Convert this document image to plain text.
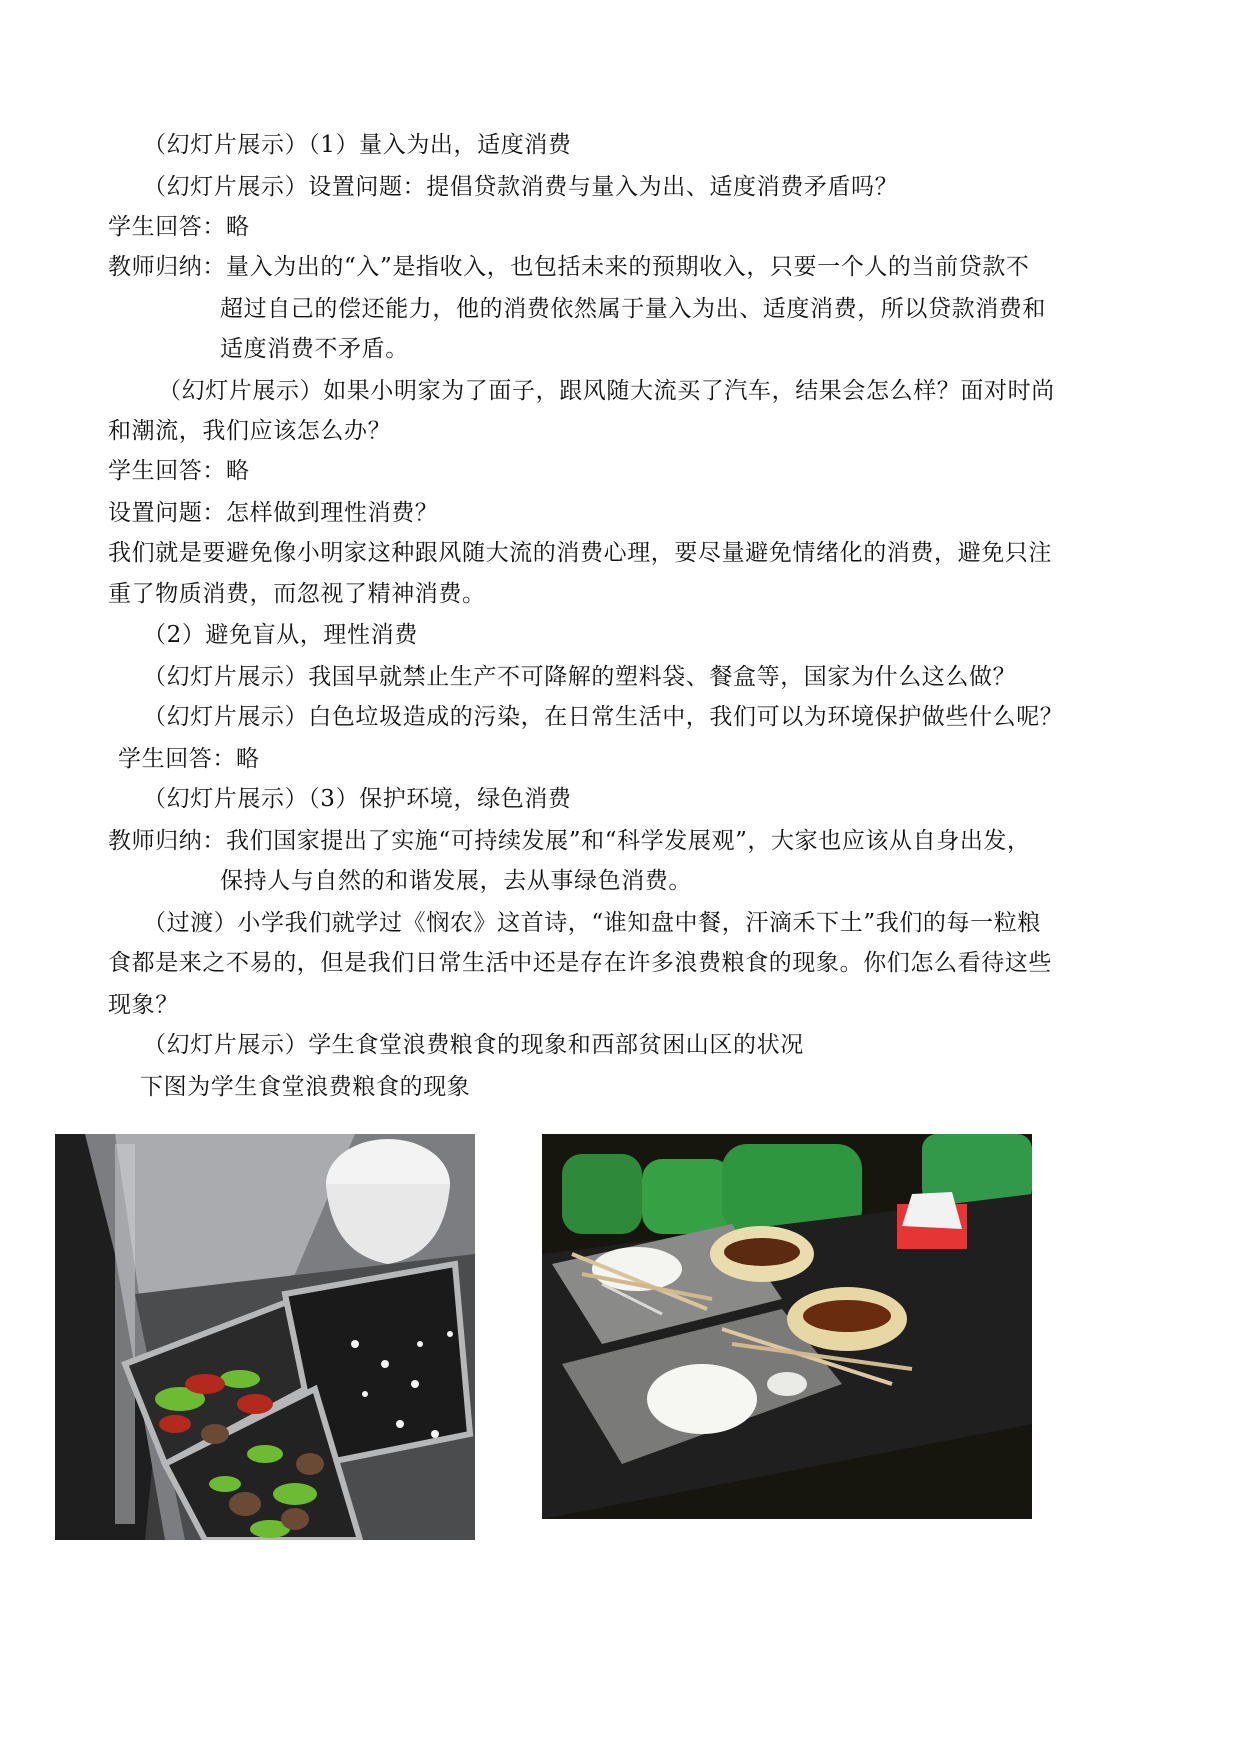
（幻灯片展示）（1）量入为出，适度消费
（幻灯片展示）设置问题：提倡贷款消费与量入为出、适度消费矛盾吗？
学生回答：略
教师归纳：量入为出的“入”是指收入，也包括未来的预期收入，只要一个人的当前贷款不
超过自己的偿还能力，他的消费依然属于量入为出、适度消费，所以贷款消费和
适度消费不矛盾。
（幻灯片展示）如果小明家为了面子，跟风随大流买了汽车，结果会怎么样？面对时尚
和潮流，我们应该怎么办？
学生回答：略
设置问题：怎样做到理性消费？
我们就是要避免像小明家这种跟风随大流的消费心理，要尽量避免情绪化的消费，避免只注
重了物质消费，而忽视了精神消费。
（2）避免盲从，理性消费
（幻灯片展示）我国早就禁止生产不可降解的塑料袋、餐盒等，国家为什么这么做？
（幻灯片展示）白色垃圾造成的污染，在日常生活中，我们可以为环境保护做些什么呢？
学生回答：略
（幻灯片展示）（3）保护环境，绿色消费
教师归纳：我们国家提出了实施“可持续发展”和“科学发展观”，大家也应该从自身出发，
保持人与自然的和谐发展，去从事绿色消费。
（过渡）小学我们就学过《悯农》这首诗，“谁知盘中餐，汗滴禾下土”我们的每一粒粮
食都是来之不易的，但是我们日常生活中还是存在许多浪费粮食的现象。你们怎么看待这些
现象？
（幻灯片展示）学生食堂浪费粮食的现象和西部贫困山区的状况
下图为学生食堂浪费粮食的现象
